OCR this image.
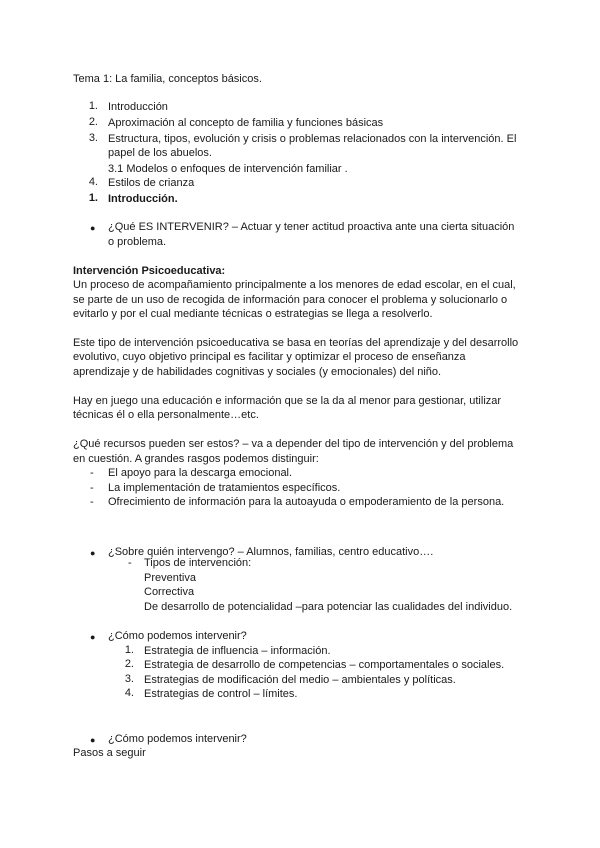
Tema 1: La familia, conceptos básicos.
1. Introducción
2. Aproximación al concepto de familia y funciones básicas
3. Estructura, tipos, evolución y crisis o problemas relacionados con la intervención. El
papel de los abuelos.
3.1 Modelos o enfoques de intervención familiar .
4. Estilos de crianza
1. Introducción.
● ¿Qué ES INTERVENIR? – Actuar y tener actitud proactiva ante una cierta situación
o problema.
Intervención Psicoeducativa:
Un proceso de acompañamiento principalmente a los menores de edad escolar, en el cual,
se parte de un uso de recogida de información para conocer el problema y solucionarlo o
evitarlo y por el cual mediante técnicas o estrategias se llega a resolverlo.
Este tipo de intervención psicoeducativa se basa en teorías del aprendizaje y del desarrollo
evolutivo, cuyo objetivo principal es facilitar y optimizar el proceso de enseñanza
aprendizaje y de habilidades cognitivas y sociales (y emocionales) del niño.
Hay en juego una educación e información que se la da al menor para gestionar, utilizar
técnicas él o ella personalmente…etc.
¿Qué recursos pueden ser estos? – va a depender del tipo de intervención y del problema
en cuestión. A grandes rasgos podemos distinguir:
- El apoyo para la descarga emocional.
- La implementación de tratamientos específicos.
- Ofrecimiento de información para la autoayuda o empoderamiento de la persona.
● ¿Sobre quién intervengo? – Alumnos, familias, centro educativo….
- Tipos de intervención:
Preventiva
Correctiva
De desarrollo de potencialidad –para potenciar las cualidades del individuo.
● ¿Cómo podemos intervenir?
1. Estrategia de influencia – información.
2. Estrategia de desarrollo de competencias – comportamentales o sociales.
3. Estrategias de modificación del medio – ambientales y políticas.
4. Estrategias de control – límites.
● ¿Cómo podemos intervenir?
Pasos a seguir
